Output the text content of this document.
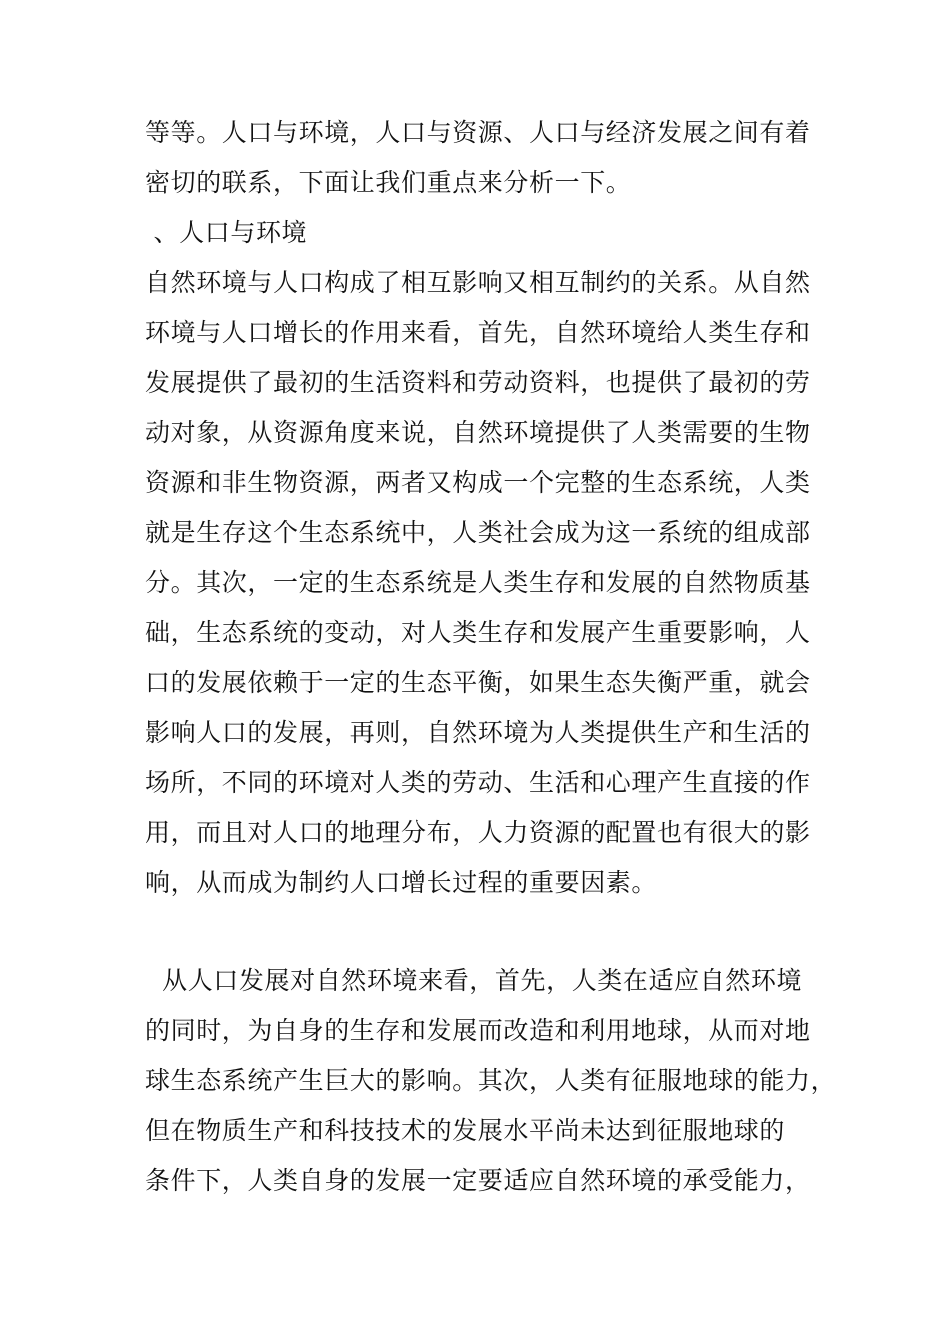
等等。人口与环境，人口与资源、人口与经济发展之间有着
密切的联系，下面让我们重点来分析一下。
、人口与环境
自然环境与人口构成了相互影响又相互制约的关系。从自然
环境与人口增长的作用来看，首先，自然环境给人类生存和
发展提供了最初的生活资料和劳动资料，也提供了最初的劳
动对象，从资源角度来说，自然环境提供了人类需要的生物
资源和非生物资源，两者又构成一个完整的生态系统，人类
就是生存这个生态系统中，人类社会成为这一系统的组成部
分。其次，一定的生态系统是人类生存和发展的自然物质基
础，生态系统的变动，对人类生存和发展产生重要影响，人
口的发展依赖于一定的生态平衡，如果生态失衡严重，就会
影响人口的发展，再则，自然环境为人类提供生产和生活的
场所，不同的环境对人类的劳动、生活和心理产生直接的作
用，而且对人口的地理分布，人力资源的配置也有很大的影
响，从而成为制约人口增长过程的重要因素。
从人口发展对自然环境来看，首先，人类在适应自然环境
的同时，为自身的生存和发展而改造和利用地球，从而对地
球生态系统产生巨大的影响。其次，人类有征服地球的能力，
但在物质生产和科技技术的发展水平尚未达到征服地球的
条件下，人类自身的发展一定要适应自然环境的承受能力，
